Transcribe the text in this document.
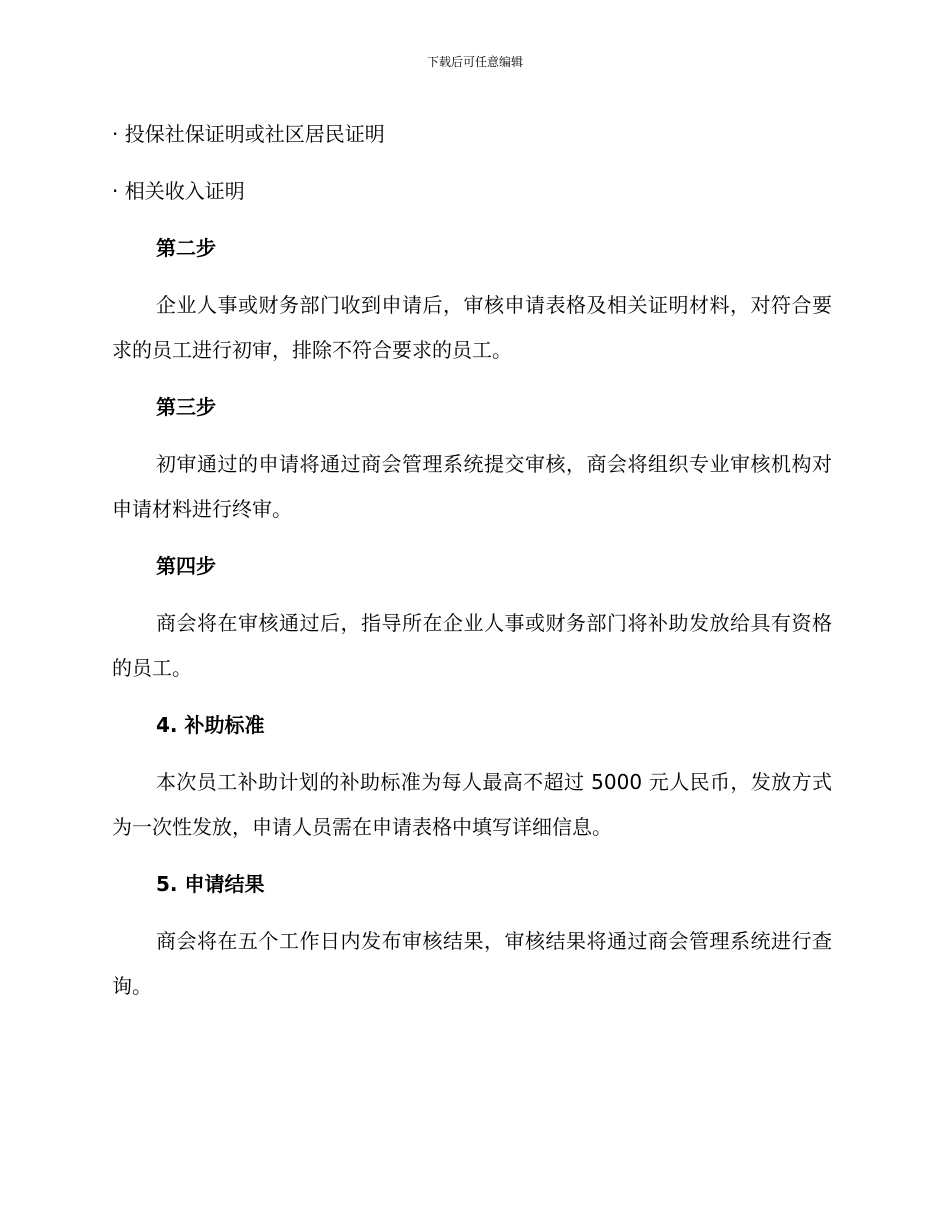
下载后可任意编辑

· 投保社保证明或社区居民证明

· 相关收入证明

第二步

企业人事或财务部门收到申请后，审核申请表格及相关证明材料，对符合要求的员工进行初审，排除不符合要求的员工。

第三步

初审通过的申请将通过商会管理系统提交审核，商会将组织专业审核机构对申请材料进行终审。

第四步

商会将在审核通过后，指导所在企业人事或财务部门将补助发放给具有资格的员工。

4. 补助标准

本次员工补助计划的补助标准为每人最高不超过 5000 元人民币，发放方式为一次性发放，申请人员需在申请表格中填写详细信息。

5. 申请结果

商会将在五个工作日内发布审核结果，审核结果将通过商会管理系统进行查询。
